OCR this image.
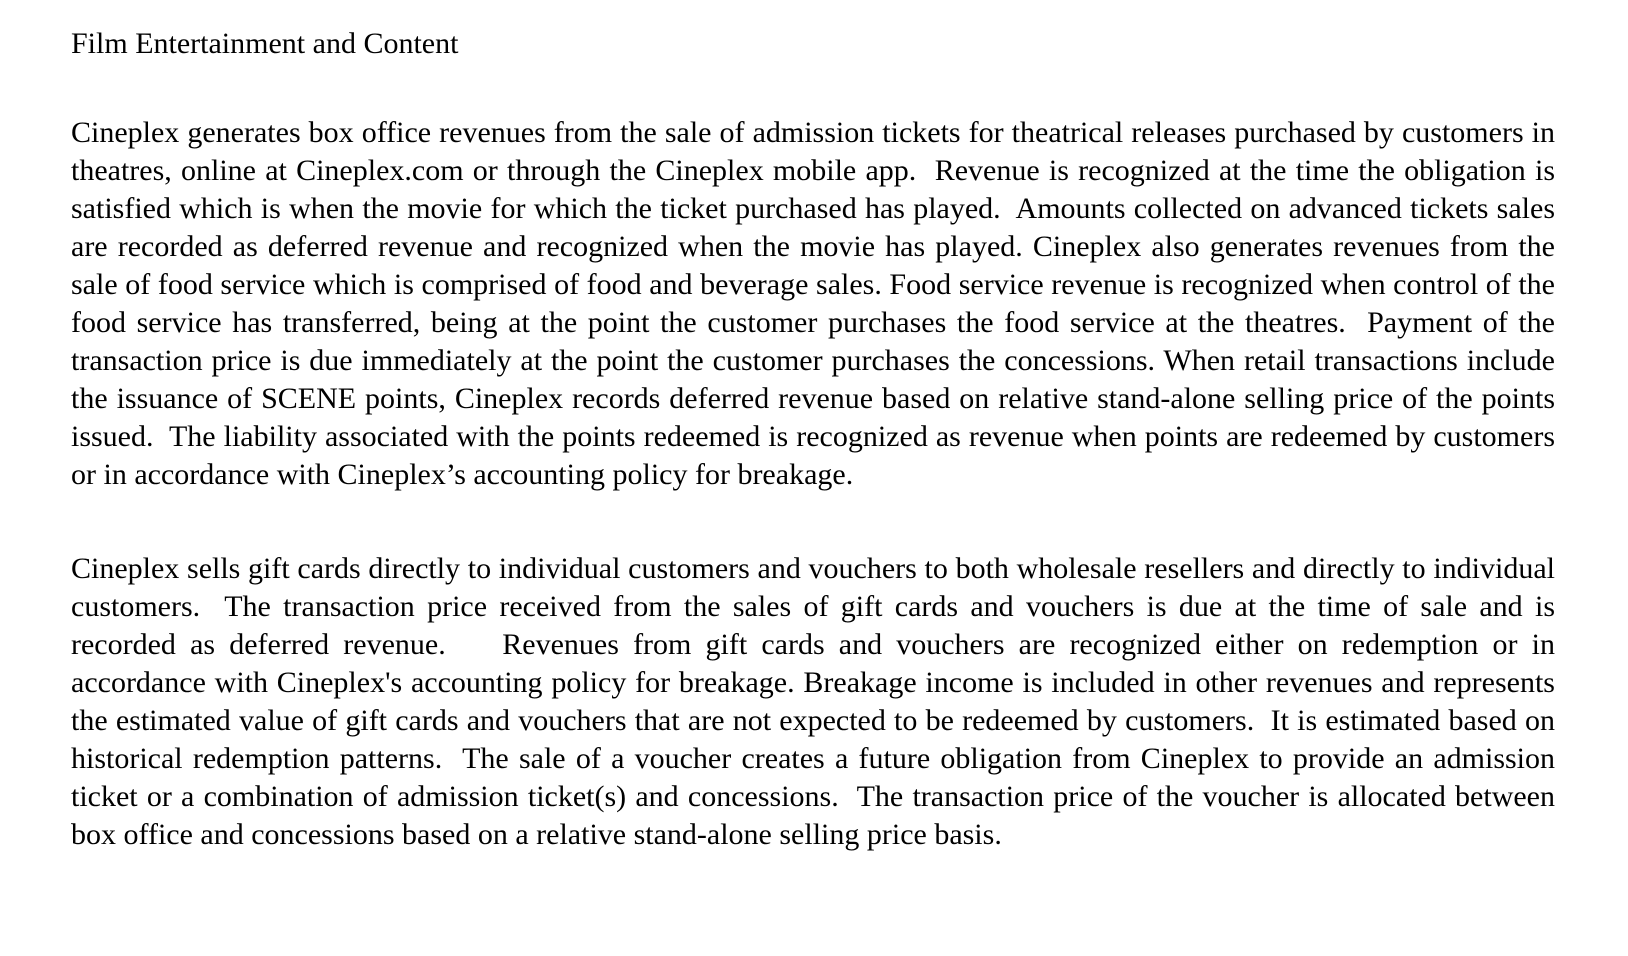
Film Entertainment and Content

Cineplex generates box office revenues from the sale of admission tickets for theatrical releases purchased by customers in theatres, online at Cineplex.com or through the Cineplex mobile app.  Revenue is recognized at the time the obligation is satisfied which is when the movie for which the ticket purchased has played.  Amounts collected on advanced tickets sales are recorded as deferred revenue and recognized when the movie has played. Cineplex also generates revenues from the sale of food service which is comprised of food and beverage sales. Food service revenue is recognized when control of the food service has transferred, being at the point the customer purchases the food service at the theatres.  Payment of the transaction price is due immediately at the point the customer purchases the concessions. When retail transactions include the issuance of SCENE points, Cineplex records deferred revenue based on relative stand-alone selling price of the points issued.  The liability associated with the points redeemed is recognized as revenue when points are redeemed by customers or in accordance with Cineplex’s accounting policy for breakage.

Cineplex sells gift cards directly to individual customers and vouchers to both wholesale resellers and directly to individual customers.  The transaction price received from the sales of gift cards and vouchers is due at the time of sale and is recorded as deferred revenue.    Revenues from gift cards and vouchers are recognized either on redemption or in accordance with Cineplex's accounting policy for breakage. Breakage income is included in other revenues and represents the estimated value of gift cards and vouchers that are not expected to be redeemed by customers.  It is estimated based on historical redemption patterns.  The sale of a voucher creates a future obligation from Cineplex to provide an admission ticket or a combination of admission ticket(s) and concessions.  The transaction price of the voucher is allocated between box office and concessions based on a relative stand-alone selling price basis.
